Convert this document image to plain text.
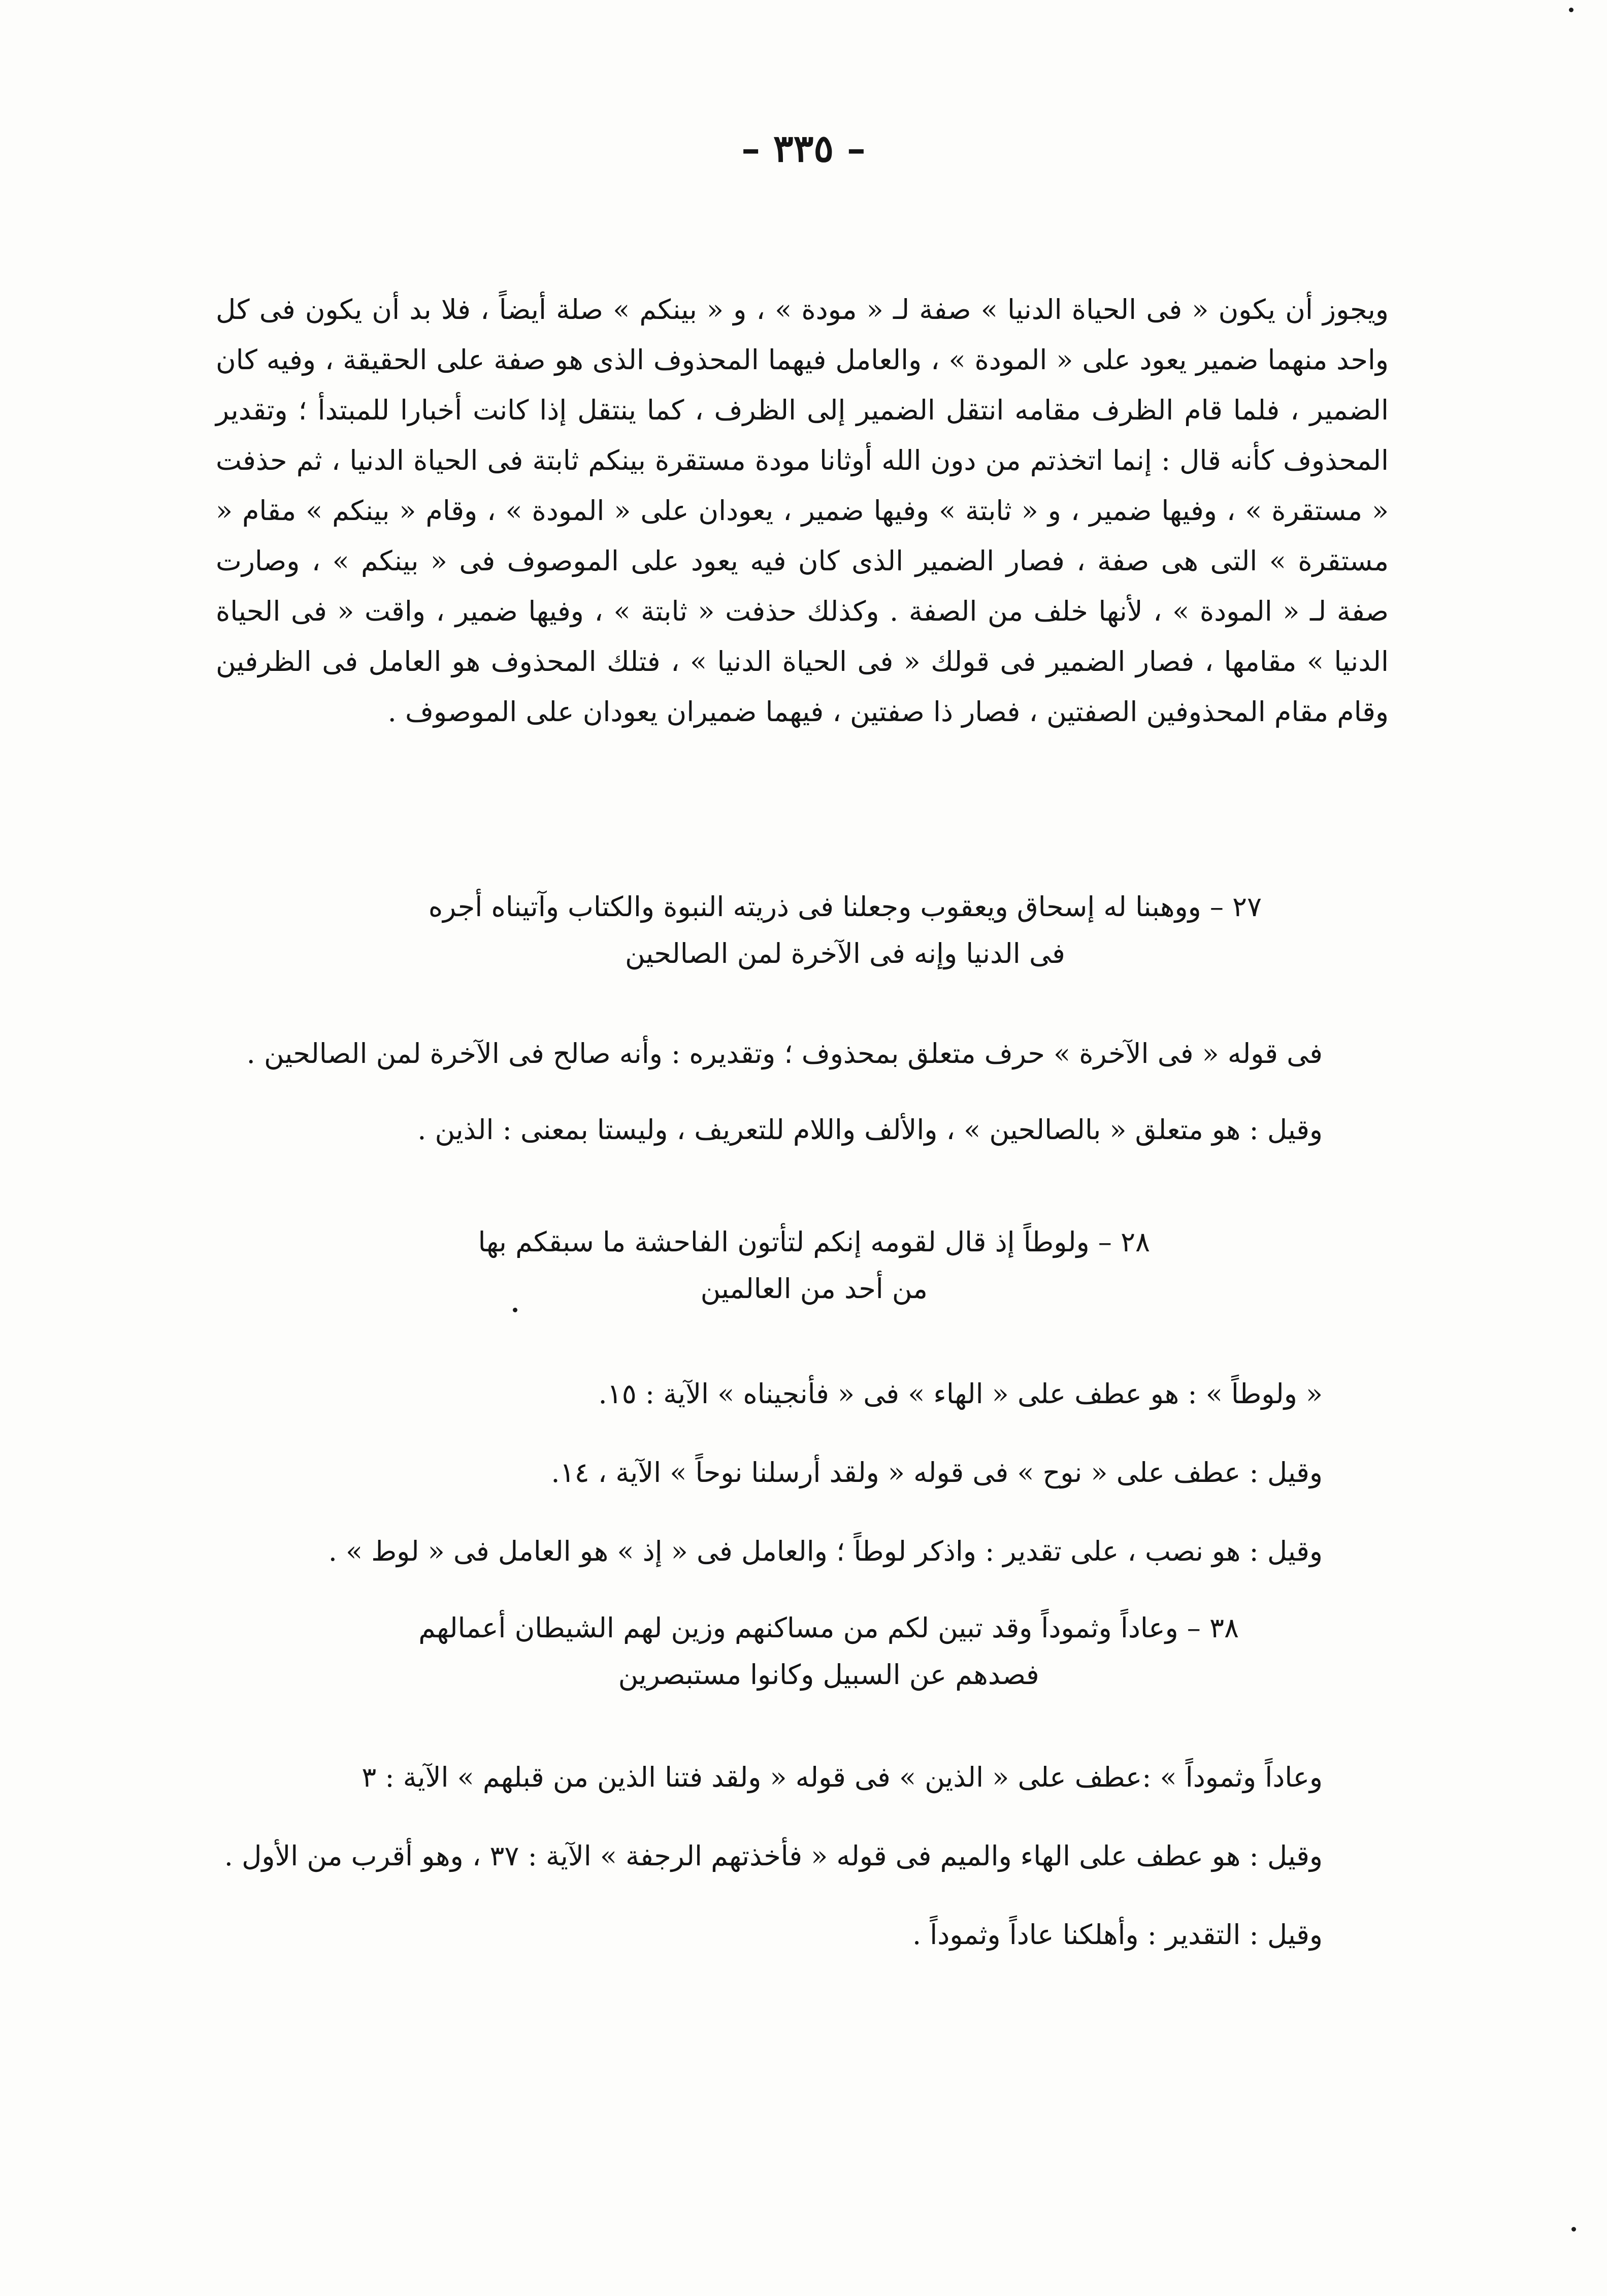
– ٣٣٥ –

ويجوز أن يكون « فى الحياة الدنيا » صفة لـ « مودة » ، و « بينكم » صلة أيضاً ، فلا بد أن يكون فى كل واحد منهما ضمير يعود على « المودة » ، والعامل فيهما المحذوف الذى هو صفة على الحقيقة ، وفيه كان الضمير ، فلما قام الظرف مقامه انتقل الضمير إلى الظرف ، كما ينتقل إذا كانت أخبارا للمبتدأ ؛ وتقدير المحذوف كأنه قال : إنما اتخذتم من دون الله أوثانا مودة مستقرة بينكم ثابتة فى الحياة الدنيا ، ثم حذفت « مستقرة » ، وفيها ضمير ، و « ثابتة » وفيها ضمير ، يعودان على « المودة » ، وقام « بينكم » مقام « مستقرة » التى هى صفة ، فصار الضمير الذى كان فيه يعود على الموصوف فى « بينكم » ، وصارت صفة لـ « المودة » ، لأنها خلف من الصفة . وكذلك حذفت « ثابتة » ، وفيها ضمير ، واقت « فى الحياة الدنيا » مقامها ، فصار الضمير فى قولك « فى الحياة الدنيا » ، فتلك المحذوف هو العامل فى الظرفين وقام مقام المحذوفين الصفتين ، فصار ذا صفتين ، فيهما ضميران يعودان على الموصوف .

٢٧ – ووهبنا له إسحاق ويعقوب وجعلنا فى ذريته النبوة والكتاب وآتيناه أجره
فى الدنيا وإنه فى الآخرة لمن الصالحين
فى قوله « فى الآخرة » حرف متعلق بمحذوف ؛ وتقديره : وأنه صالح فى الآخرة لمن الصالحين .
وقيل : هو متعلق « بالصالحين » ، والألف واللام للتعريف ، وليستا بمعنى : الذين .
٢٨ – ولوطاً إذ قال لقومه إنكم لتأتون الفاحشة ما سبقكم بها
من أحد من العالمين
« ولوطاً » : هو عطف على « الهاء » فى « فأنجيناه » الآية : ١٥.
وقيل : عطف على « نوح » فى قوله « ولقد أرسلنا نوحاً » الآية ، ١٤.
وقيل : هو نصب ، على تقدير : واذكر لوطاً ؛ والعامل فى « إذ » هو العامل فى « لوط » .
٣٨ – وعاداً وثموداً وقد تبين لكم من مساكنهم وزين لهم الشيطان أعمالهم
فصدهم عن السبيل وكانوا مستبصرين
وعاداً وثموداً » :عطف على « الذين » فى قوله « ولقد فتنا الذين من قبلهم » الآية : ٣
وقيل : هو عطف على الهاء والميم فى قوله « فأخذتهم الرجفة » الآية : ٣٧ ، وهو أقرب من الأول .
وقيل : التقدير : وأهلكنا عاداً وثموداً .
